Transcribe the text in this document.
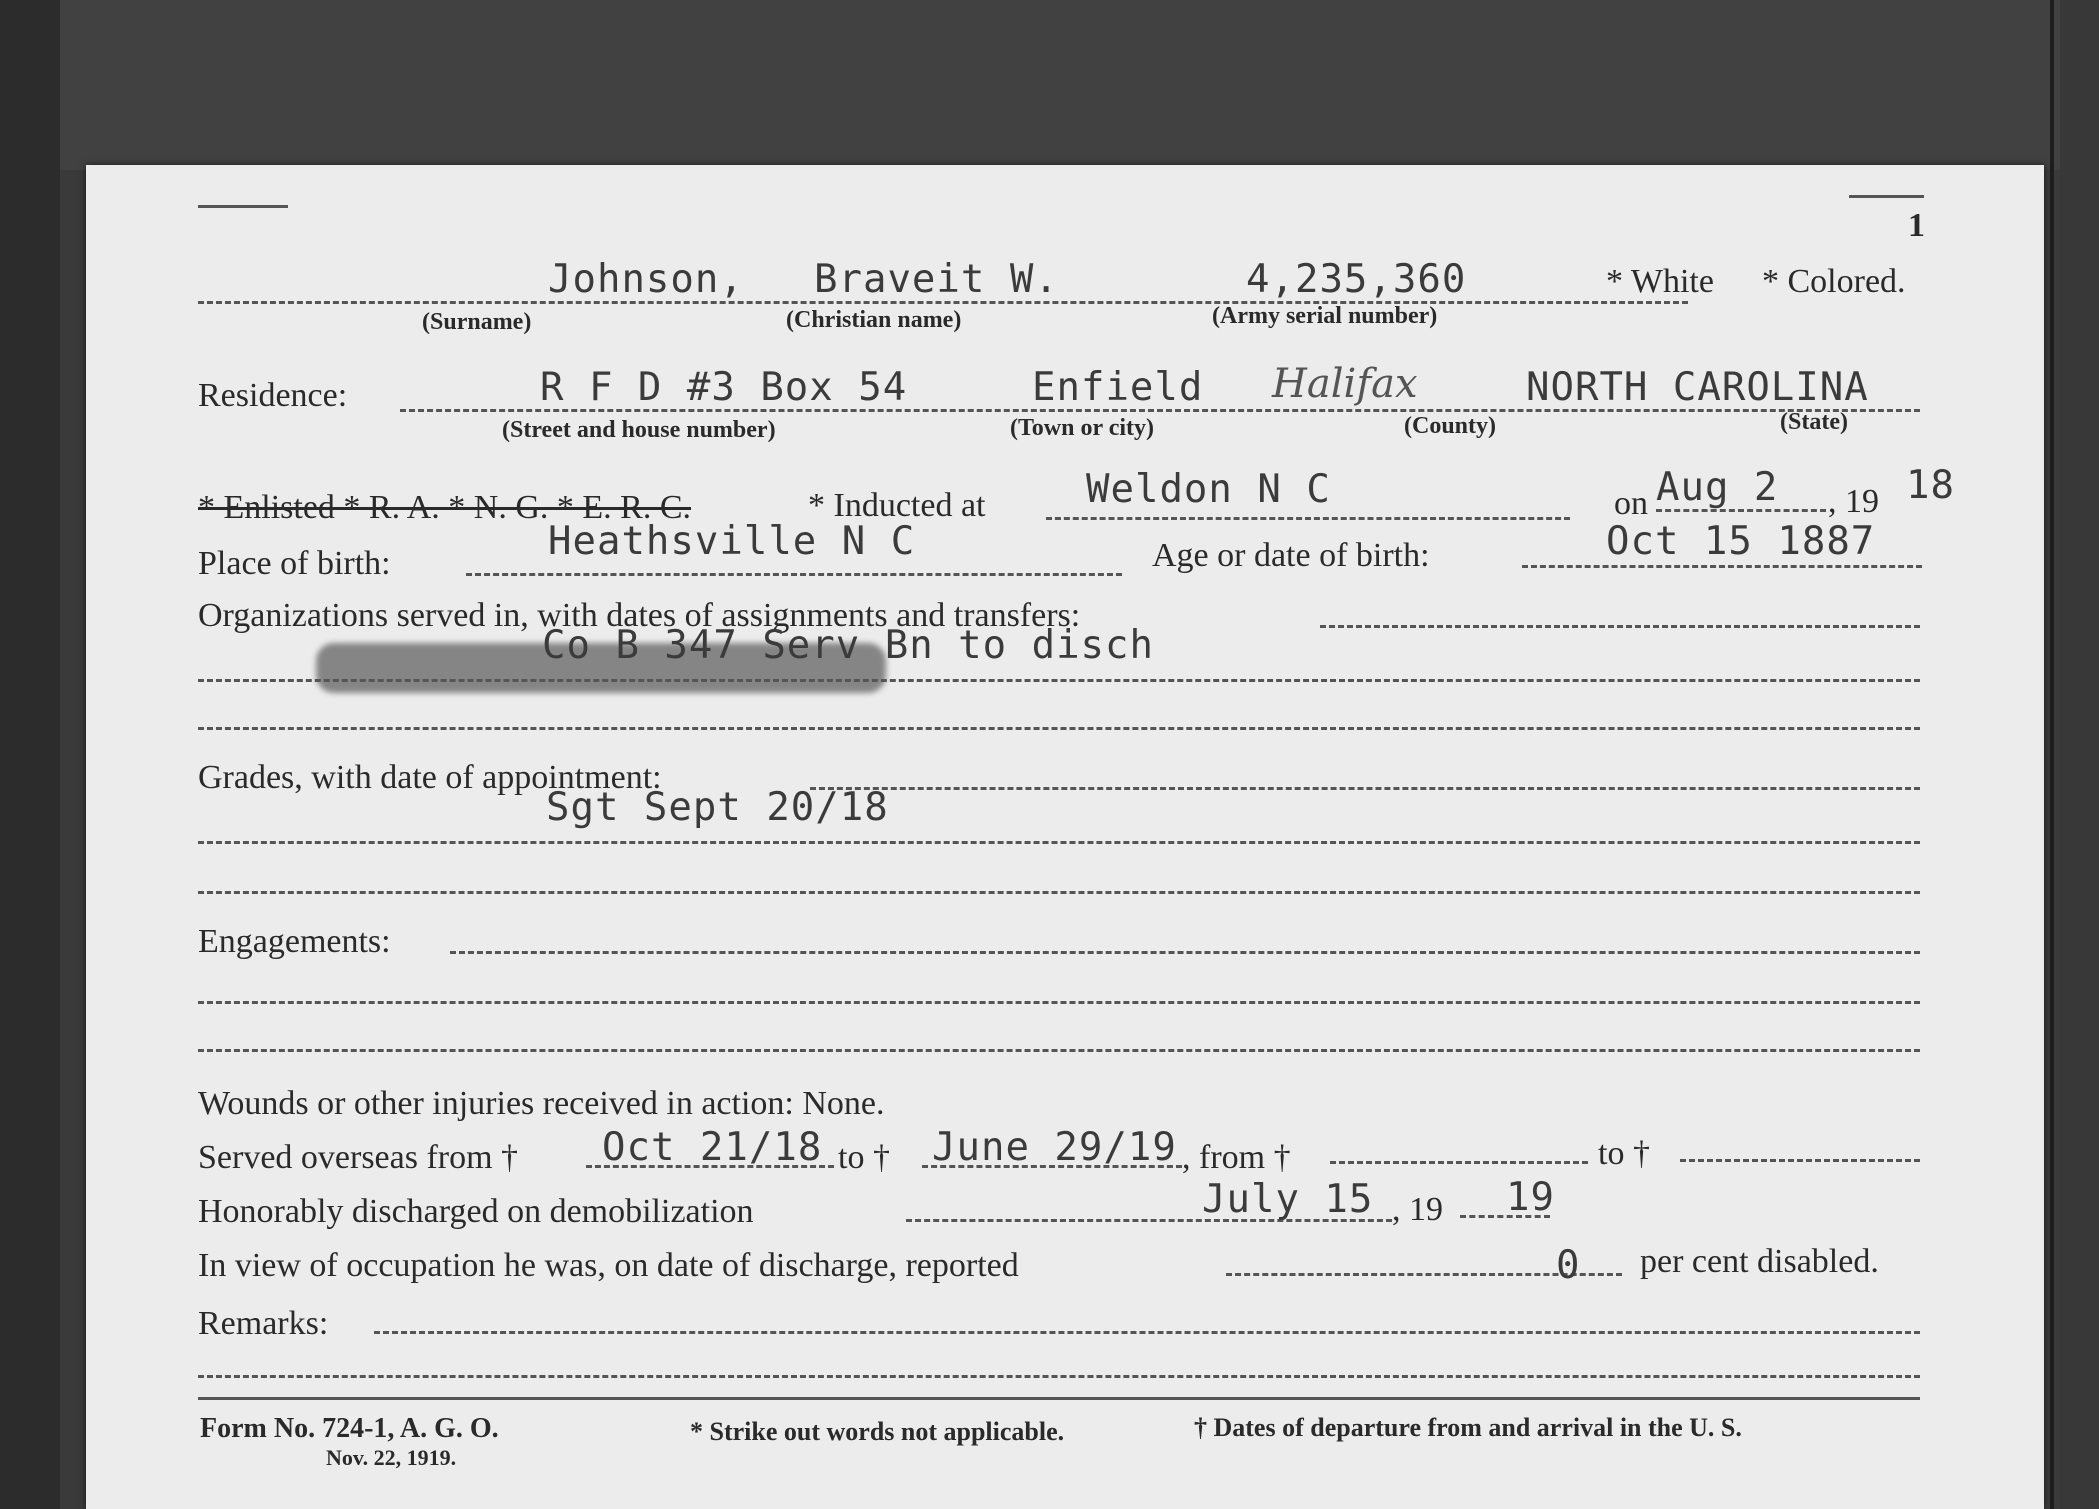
1
Johnson, Braveit W.	4,235,360	* White * Colored.
(Surname)	(Christian name)	(Army serial number)
Residence:	R F D #3 Box 54	Enfield Halifax	NORTH CAROLINA
(Street and house number)	(Town or city)	(County)	(State)
* Enlisted * R. A. * N. G. * E. R. C.	* Inducted at	Weldon N C	on Aug 2 , 19 18
Place of birth:	Heathsville N C	Age or date of birth:	Oct 15 1887
Organizations served in, with dates of assignments and transfers:
Co B 347 Serv Bn to disch
Grades, with date of appointment:
Sgt Sept 20/18
Engagements:
Wounds or other injuries received in action: None.
Served overseas from † Oct 21/18 to † June 29/19 , from †	to †
Honorably discharged on demobilization	July 15 , 19 19
In view of occupation he was, on date of discharge, reported	0 per cent disabled.
Remarks:
Form No. 724-1, A. G. O.
Nov. 22, 1919.
* Strike out words not applicable.	† Dates of departure from and arrival in the U. S.
